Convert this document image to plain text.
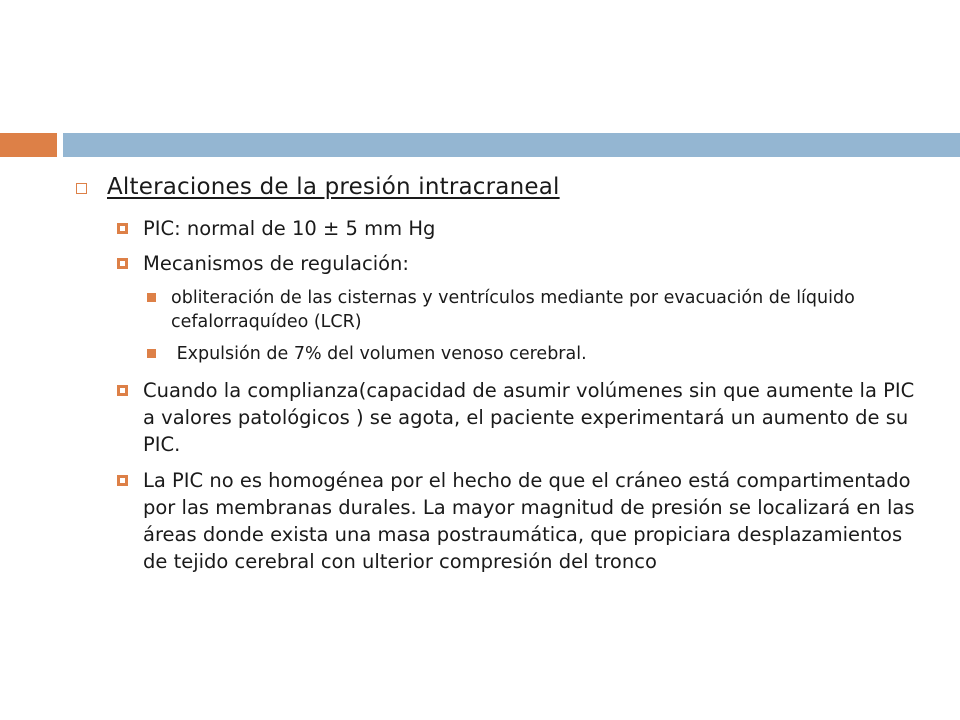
Alteraciones de la presión intracraneal
PIC: normal de 10 ± 5 mm Hg
Mecanismos de regulación:
obliteración de las cisternas y ventrículos mediante por evacuación de líquido cefalorraquídeo (LCR)
Expulsión de 7% del volumen venoso cerebral.
Cuando la complianza(capacidad de asumir volúmenes sin que aumente la PIC a valores patológicos ) se agota, el paciente experimentará un aumento de su PIC.
La PIC no es homogénea por el hecho de que el cráneo está compartimentado por las membranas durales. La mayor magnitud de presión se localizará en las áreas donde exista una masa postraumática, que propiciara desplazamientos de tejido cerebral con ulterior compresión del tronco
